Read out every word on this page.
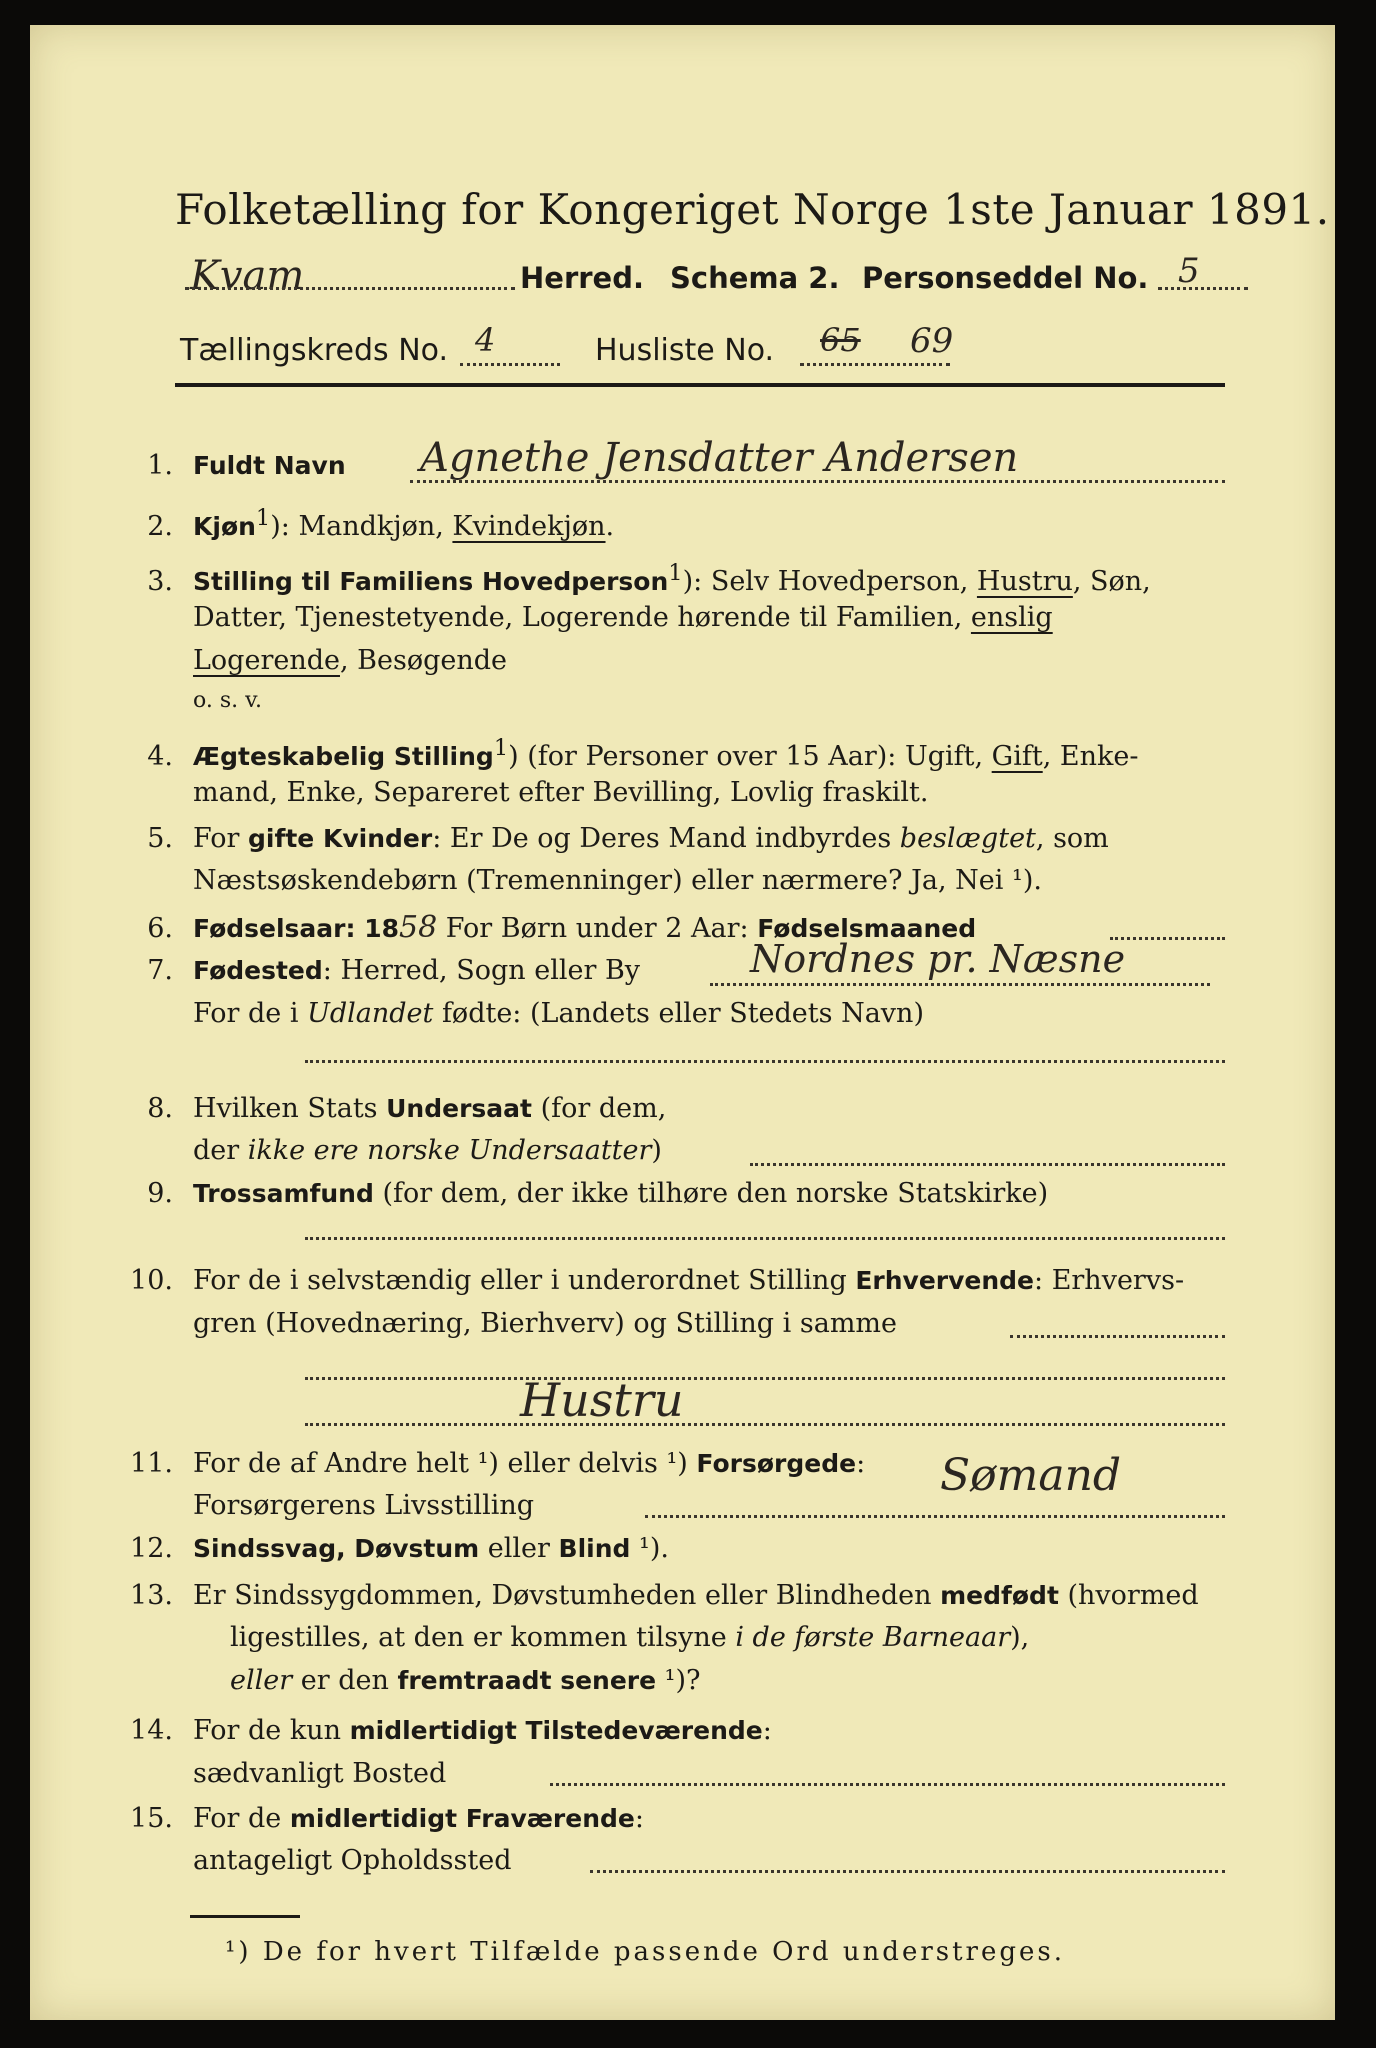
Folketælling for Kongeriget Norge 1ste Januar 1891.
Kvam	Herred. Schema 2. Personseddel No. 5
Tællingskreds No. 4	Husliste No. 65 69
1. Fuldt Navn Agnethe Jensdatter Andersen
2. Kjøn$^1$): Mandkjøn, Kvindekjøn.
3. Stilling til Familiens Hovedperson$^1$): Selv Hovedperson, Hustru, Søn,
Datter, Tjenestetyende, Logerende hørende til Familien, enslig
Logerende, Besøgende
o. s. v.
4. Ægteskabelig Stilling$^1$) (for Personer over 15 Aar): Ugift, Gift, Enke-
mand, Enke, Separeret efter Bevilling, Lovlig fraskilt.
5. For gifte Kvinder: Er De og Deres Mand indbyrdes beslægtet, som
Næstsøskendebørn (Tremenninger) eller nærmere? Ja, Nei ¹).
6. Fødselsaar: 1858 For Børn under 2 Aar: Fødselsmaaned
7. Fødested: Herred, Sogn eller By	Nordnes pr. Næsne
For de i Udlandet fødte: (Landets eller Stedets Navn)
8. Hvilken Stats Undersaat (for dem,
der ikke ere norske Undersaatter)
9. Trossamfund (for dem, der ikke tilhøre den norske Statskirke)
10. For de i selvstændig eller i underordnet Stilling Erhvervende: Erhvervs-
gren (Hovednæring, Bierhverv) og Stilling i samme
Hustru
11. For de af Andre helt ¹) eller delvis ¹) Forsørgede:
Forsørgerens Livsstilling
Sømand
12. Sindssvag, Døvstum eller Blind ¹).
13. Er Sindssygdommen, Døvstumheden eller Blindheden medfødt (hvormed
ligestilles, at den er kommen tilsyne i de første Barneaar),
eller er den fremtraadt senere ¹)?
14. For de kun midlertidigt Tilstedeværende:
sædvanligt Bosted
15. For de midlertidigt Fraværende:
antageligt Opholdssted
¹) De for hvert Tilfælde passende Ord understreges.
